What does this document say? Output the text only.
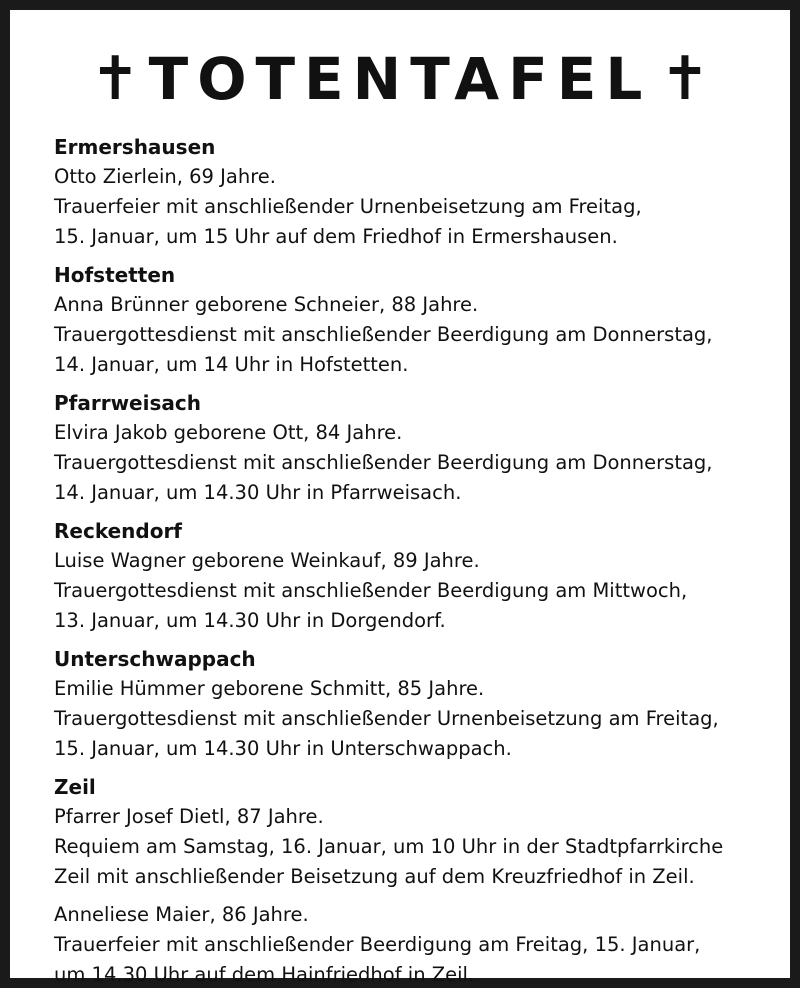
✝ TOTENTAFEL ✝
Ermershausen
Otto Zierlein, 69 Jahre.
Trauerfeier mit anschließender Urnenbeisetzung am Freitag,
15. Januar, um 15 Uhr auf dem Friedhof in Ermershausen.
Hofstetten
Anna Brünner geborene Schneier, 88 Jahre.
Trauergottesdienst mit anschließender Beerdigung am Donnerstag,
14. Januar, um 14 Uhr in Hofstetten.
Pfarrweisach
Elvira Jakob geborene Ott, 84 Jahre.
Trauergottesdienst mit anschließender Beerdigung am Donnerstag,
14. Januar, um 14.30 Uhr in Pfarrweisach.
Reckendorf
Luise Wagner geborene Weinkauf, 89 Jahre.
Trauergottesdienst mit anschließender Beerdigung am Mittwoch,
13. Januar, um 14.30 Uhr in Dorgendorf.
Unterschwappach
Emilie Hümmer geborene Schmitt, 85 Jahre.
Trauergottesdienst mit anschließender Urnenbeisetzung am Freitag,
15. Januar, um 14.30 Uhr in Unterschwappach.
Zeil
Pfarrer Josef Dietl, 87 Jahre.
Requiem am Samstag, 16. Januar, um 10 Uhr in der Stadtpfarrkirche
Zeil mit anschließender Beisetzung auf dem Kreuzfriedhof in Zeil.
Anneliese Maier, 86 Jahre.
Trauerfeier mit anschließender Beerdigung am Freitag, 15. Januar,
um 14.30 Uhr auf dem Hainfriedhof in Zeil.
